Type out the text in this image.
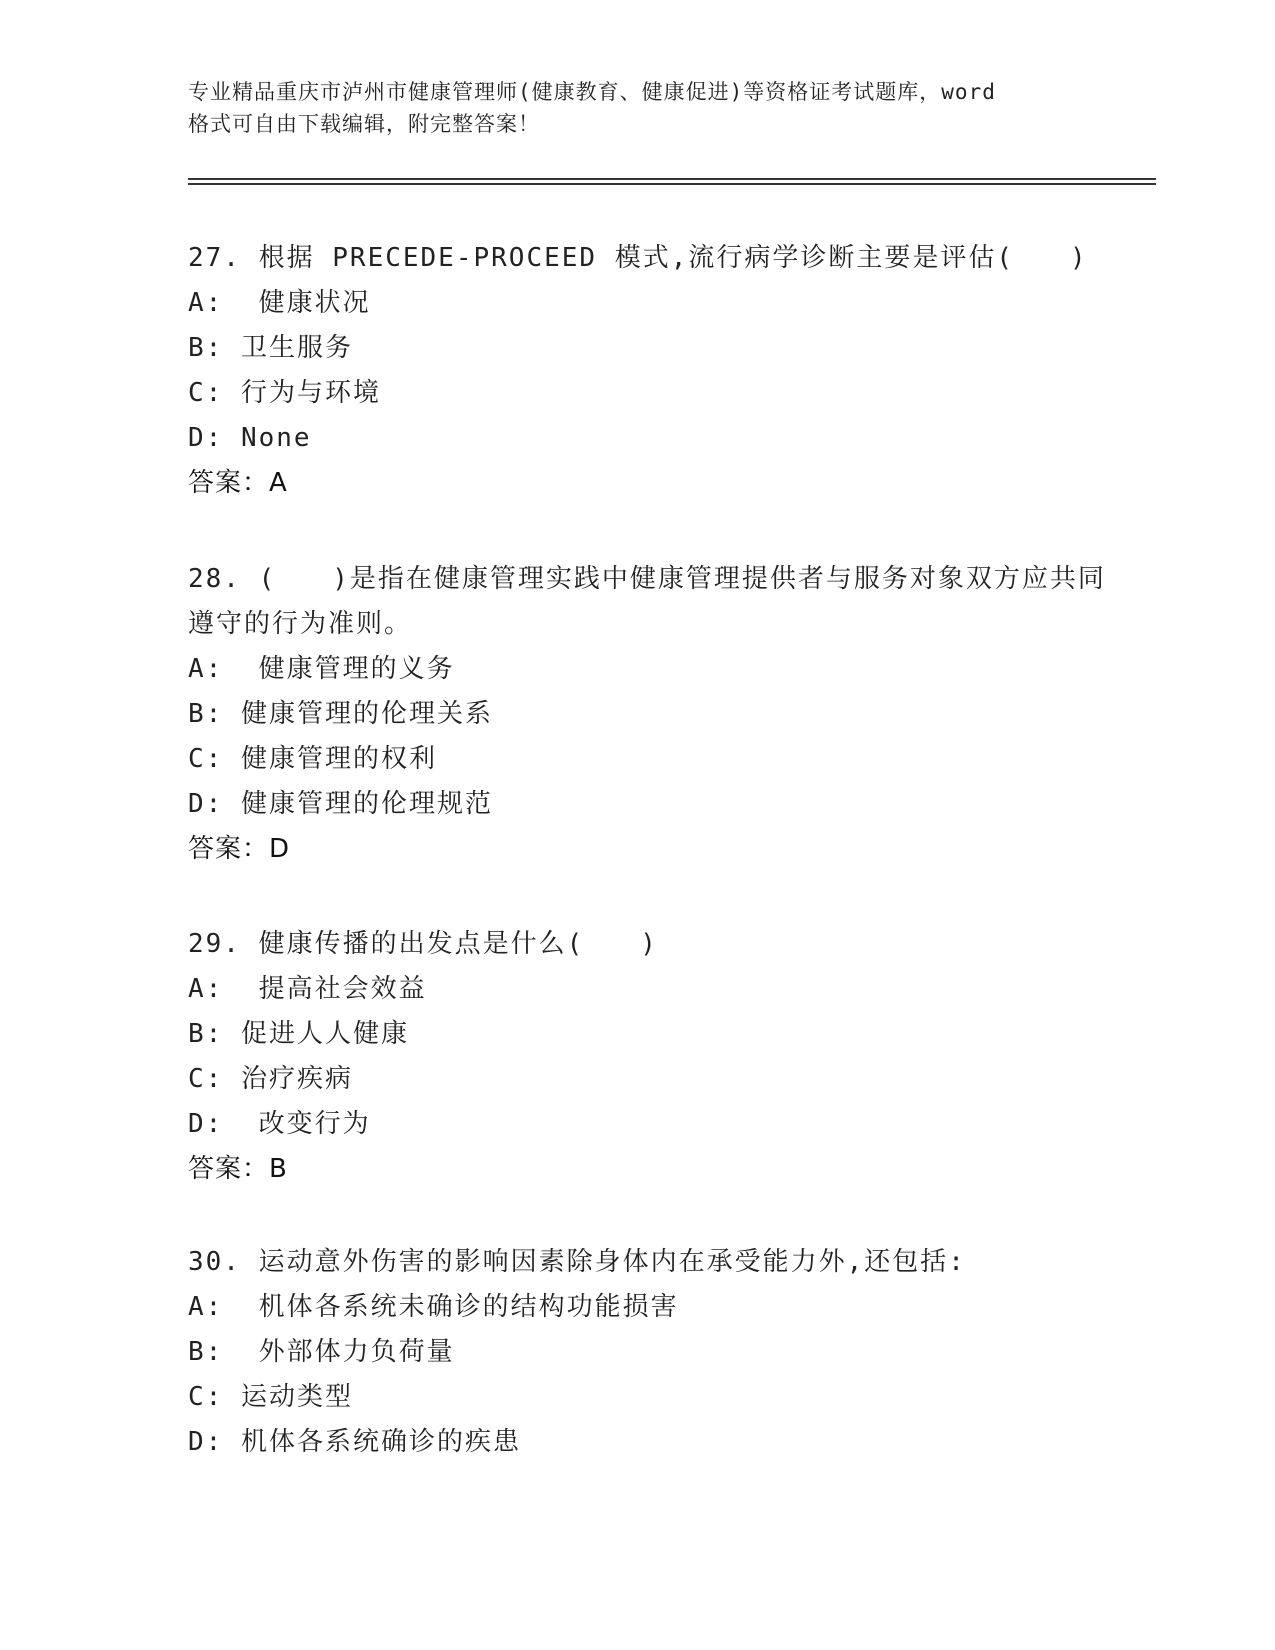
专业精品重庆市泸州市健康管理师(健康教育、健康促进)等资格证考试题库，word
格式可自由下载编辑，附完整答案！

27. 根据 PRECEDE-PROCEED 模式,流行病学诊断主要是评估(　　)

A:  健康状况

B: 卫生服务

C: 行为与环境

D: None

答案：A

28. (　　)是指在健康管理实践中健康管理提供者与服务对象双方应共同遵守的行为准则。

A:  健康管理的义务

B: 健康管理的伦理关系

C: 健康管理的权利

D: 健康管理的伦理规范

答案：D

29. 健康传播的出发点是什么(　　)

A:  提高社会效益

B: 促进人人健康

C: 治疗疾病

D:  改变行为

答案：B

30. 运动意外伤害的影响因素除身体内在承受能力外,还包括:

A:  机体各系统未确诊的结构功能损害

B:  外部体力负荷量

C: 运动类型

D: 机体各系统确诊的疾患
